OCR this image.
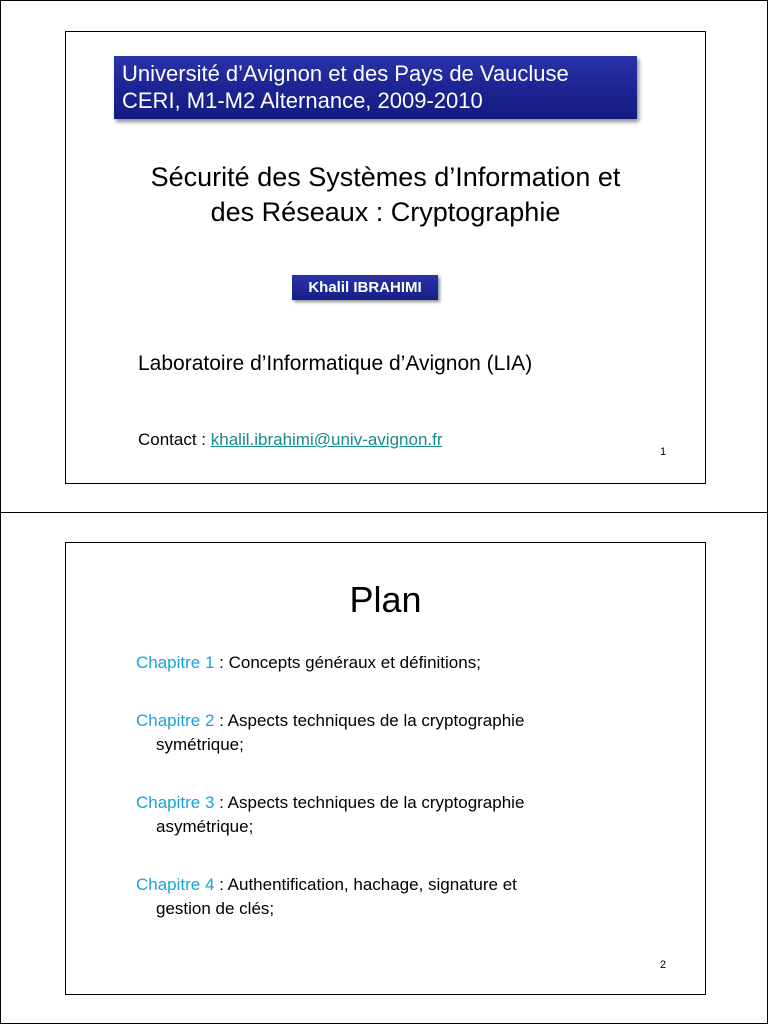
Université d’Avignon et des Pays de Vaucluse
CERI, M1-M2 Alternance, 2009-2010
Sécurité des Systèmes d’Information et
des Réseaux : Cryptographie
Khalil IBRAHIMI
Laboratoire d’Informatique d’Avignon (LIA)
Contact : khalil.ibrahimi@univ-avignon.fr
1
Plan
Chapitre 1 : Concepts généraux et définitions;
Chapitre 2 : Aspects techniques de la cryptographie
symétrique;
Chapitre 3 : Aspects techniques de la cryptographie
asymétrique;
Chapitre 4 : Authentification, hachage, signature et
gestion de clés;
2
